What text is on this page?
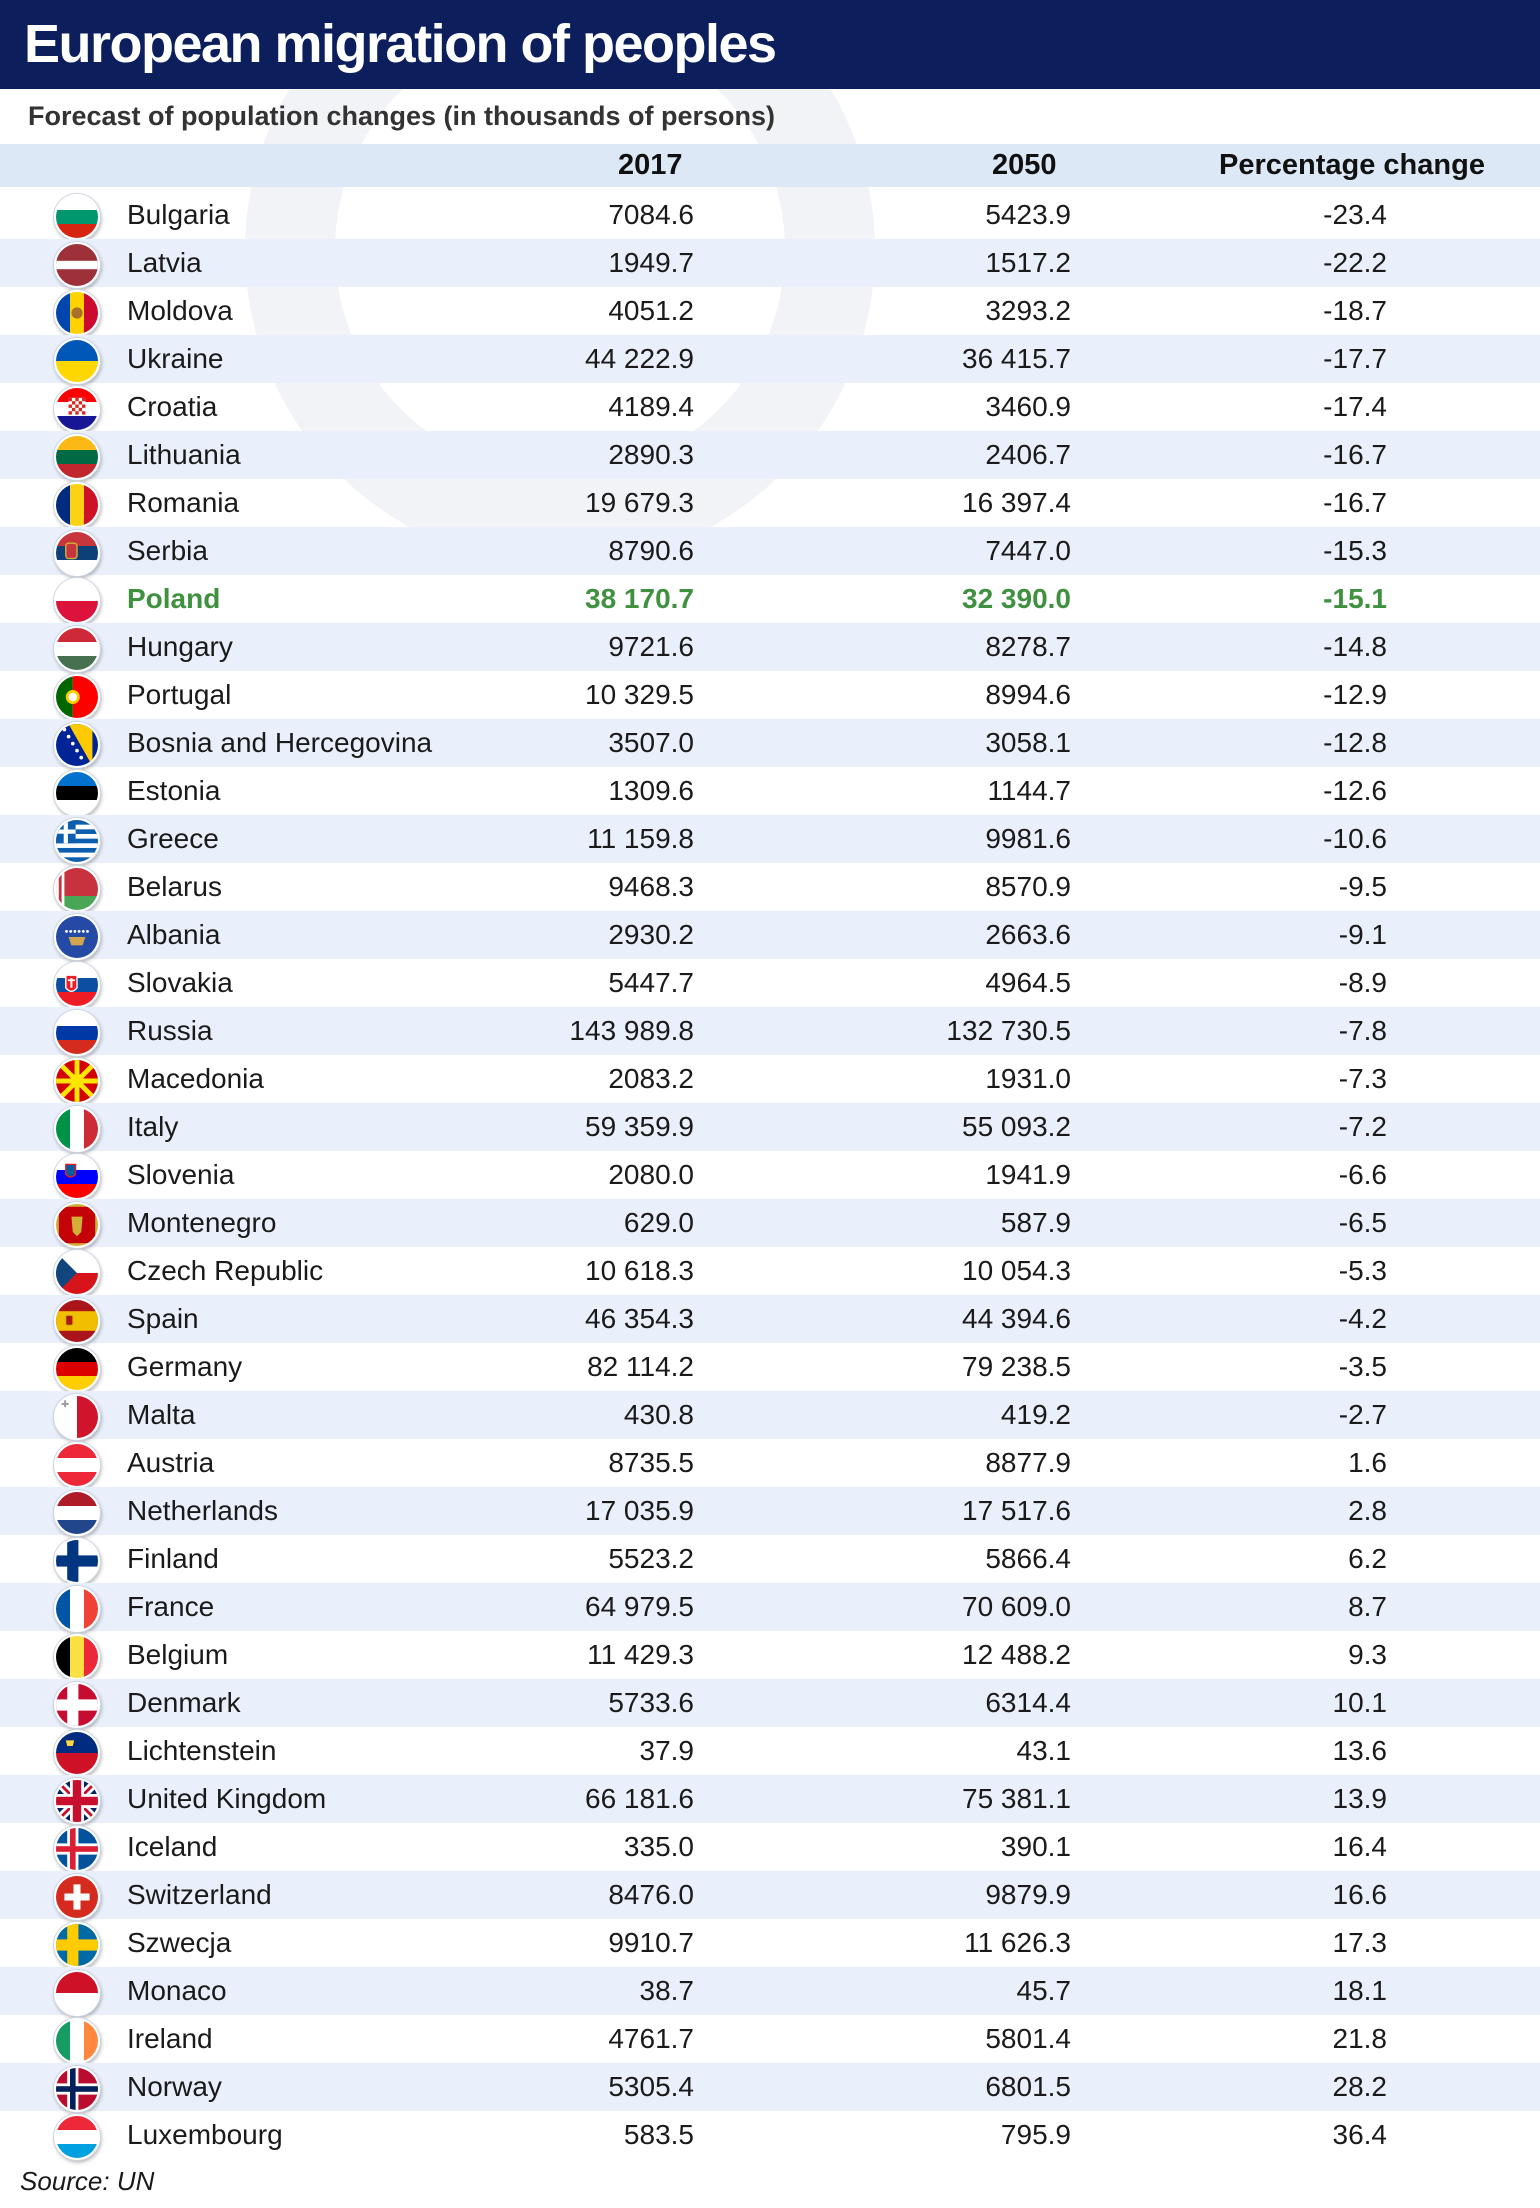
European migration of peoples
Forecast of population changes (in thousands of persons)
2017	2050	Percentage change
Bulgaria	7084.6	5423.9	-23.4
Latvia	1949.7	1517.2	-22.2
Moldova	4051.2	3293.2	-18.7
Ukraine	44 222.9	36 415.7	-17.7
Croatia	4189.4	3460.9	-17.4
Lithuania	2890.3	2406.7	-16.7
Romania	19 679.3	16 397.4	-16.7
Serbia	8790.6	7447.0	-15.3
Poland	38 170.7	32 390.0	-15.1
Hungary	9721.6	8278.7	-14.8
Portugal	10 329.5	8994.6	-12.9
Bosnia and Hercegovina	3507.0	3058.1	-12.8
Estonia	1309.6	1144.7	-12.6
Greece	11 159.8	9981.6	-10.6
Belarus	9468.3	8570.9	-9.5
Albania	2930.2	2663.6	-9.1
Slovakia	5447.7	4964.5	-8.9
Russia	143 989.8	132 730.5	-7.8
Macedonia	2083.2	1931.0	-7.3
Italy	59 359.9	55 093.2	-7.2
Slovenia	2080.0	1941.9	-6.6
Montenegro	629.0	587.9	-6.5
Czech Republic	10 618.3	10 054.3	-5.3
Spain	46 354.3	44 394.6	-4.2
Germany	82 114.2	79 238.5	-3.5
Malta	430.8	419.2	-2.7
Austria	8735.5	8877.9	1.6
Netherlands	17 035.9	17 517.6	2.8
Finland	5523.2	5866.4	6.2
France	64 979.5	70 609.0	8.7
Belgium	11 429.3	12 488.2	9.3
Denmark	5733.6	6314.4	10.1
Lichtenstein	37.9	43.1	13.6
United Kingdom	66 181.6	75 381.1	13.9
Iceland	335.0	390.1	16.4
Switzerland	8476.0	9879.9	16.6
Szwecja	9910.7	11 626.3	17.3
Monaco	38.7	45.7	18.1
Ireland	4761.7	5801.4	21.8
Norway	5305.4	6801.5	28.2
Luxembourg	583.5	795.9	36.4
Source: UN
